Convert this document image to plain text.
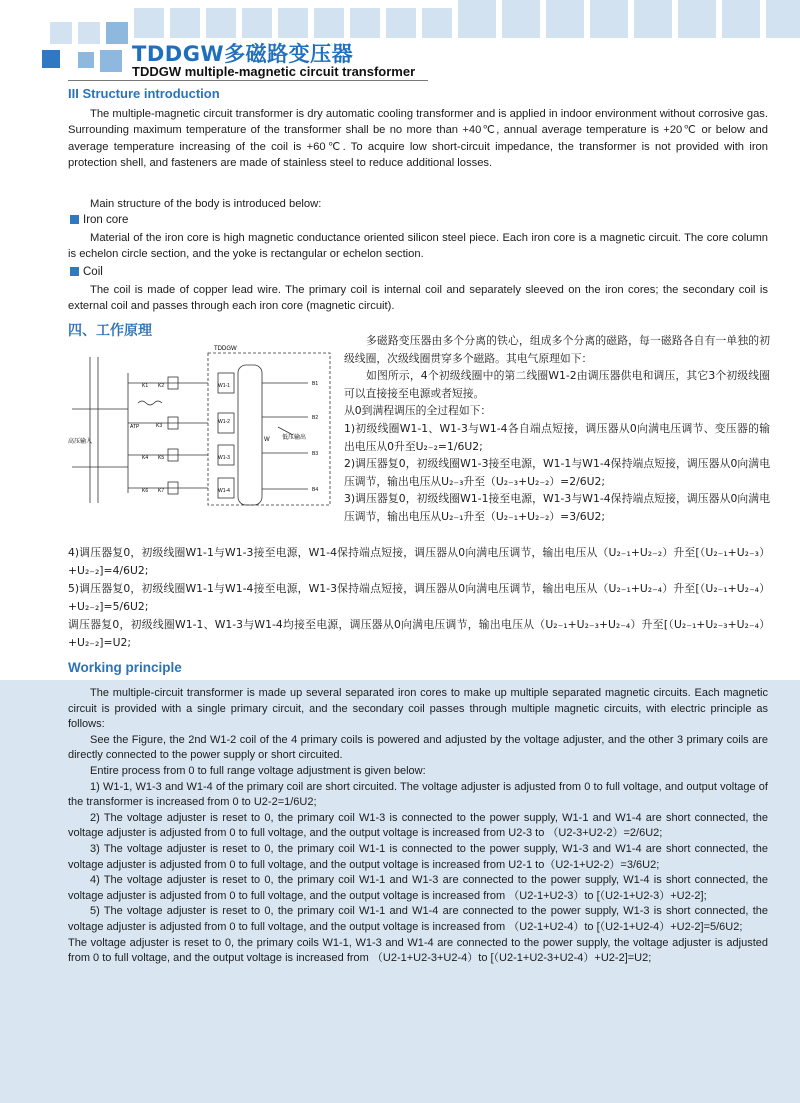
TDDGW多磁路变压器
TDDGW multiple-magnetic circuit transformer
III Structure introduction
The multiple-magnetic circuit transformer is dry automatic cooling transformer and is applied in indoor environment without corrosive gas. Surrounding maximum temperature of the transformer shall be no more than +40℃, annual average temperature is +20℃ or below and average temperature increasing of the coil is +60℃. To acquire low short-circuit impedance, the transformer is not provided with iron protection shell, and fasteners are made of stainless steel to reduce additional losses.
Main structure of the body is introduced below:
Iron core
Material of the iron core is high magnetic conductance oriented silicon steel piece. Each iron core is a magnetic circuit. The core column is echelon circle section, and the yoke is rectangular or echelon section.
Coil
The coil is made of copper lead wire. The primary coil is internal coil and separately sleeved on the iron cores; the secondary coil is external coil and passes through each iron core (magnetic circuit).
四、工作原理
TDDGW
高压输入
低压输出
ATP
K1 K2
K3
K4 K5
K6 K7
W1-1
W1-2
W1-3
W1-4
B1
B2
B3
B4
W
多磁路变压器由多个分离的铁心，组成多个分离的磁路，每一磁路各自有一单独的初级线圈，次级线圈贯穿多个磁路。其电气原理如下：
如图所示，4个初级线圈中的第二线圈W1-2由调压器供电和调压，其它3个初级线圈可以直接接至电源或者短接。
从0到满程调压的全过程如下：
1)初级线圈W1-1、W1-3与W1-4各自端点短接，调压器从0向满电压调节、变压器的输出电压从0升至U₂₋₂=1/6U2;
2)调压器复0，初级线圈W1-3接至电源，W1-1与W1-4保持端点短接，调压器从0向满电压调节，输出电压从U₂₋₃升至（U₂₋₃+U₂₋₂）=2/6U2;
3)调压器复0，初级线圈W1-1接至电源，W1-3与W1-4保持端点短接，调压器从0向满电压调节，输出电压从U₂₋₁升至（U₂₋₁+U₂₋₂）=3/6U2;
4)调压器复0，初级线圈W1-1与W1-3接至电源，W1-4保持端点短接，调压器从0向满电压调节，输出电压从（U₂₋₁+U₂₋₂）升至[（U₂₋₁+U₂₋₃）+U₂₋₂]=4/6U2;
5)调压器复0，初级线圈W1-1与W1-4接至电源，W1-3保持端点短接，调压器从0向满电压调节，输出电压从（U₂₋₁+U₂₋₄）升至[（U₂₋₁+U₂₋₄）+U₂₋₂]=5/6U2;
调压器复0，初级线圈W1-1、W1-3与W1-4均接至电源，调压器从0向满电压调节，输出电压从（U₂₋₁+U₂₋₃+U₂₋₄）升至[（U₂₋₁+U₂₋₃+U₂₋₄）+U₂₋₂]=U2;
Working principle
The multiple-circuit transformer is made up several separated iron cores to make up multiple separated magnetic circuits. Each magnetic circuit is provided with a single primary circuit, and the secondary coil passes through multiple magnetic circuits, with electric principle as follows:
See the Figure, the 2nd W1-2 coil of the 4 primary coils is powered and adjusted by the voltage adjuster, and the other 3 primary coils are directly connected to the power supply or short circuited.
Entire process from 0 to full range voltage adjustment is given below:
1) W1-1, W1-3 and W1-4 of the primary coil are short circuited. The voltage adjuster is adjusted from 0 to full voltage, and output voltage of the transformer is increased from 0 to U2-2=1/6U2;
2) The voltage adjuster is reset to 0, the primary coil W1-3 is connected to the power supply, W1-1 and W1-4 are short connected, the voltage adjuster is adjusted from 0 to full voltage, and the output voltage is increased from U2-3 to （U2-3+U2-2）=2/6U2;
3) The voltage adjuster is reset to 0, the primary coil W1-1 is connected to the power supply, W1-3 and W1-4 are short connected, the voltage adjuster is adjusted from 0 to full voltage, and the output voltage is increased from U2-1 to（U2-1+U2-2）=3/6U2;
4) The voltage adjuster is reset to 0, the primary coil W1-1 and W1-3 are connected to the power supply, W1-4 is short connected, the voltage adjuster is adjusted from 0 to full voltage, and the output voltage is increased from （U2-1+U2-3）to [（U2-1+U2-3）+U2-2];
5) The voltage adjuster is reset to 0, the primary coil W1-1 and W1-4 are connected to the power supply, W1-3 is short connected, the voltage adjuster is adjusted from 0 to full voltage, and the output voltage is increased from （U2-1+U2-4）to [（U2-1+U2-4）+U2-2]=5/6U2;
The voltage adjuster is reset to 0, the primary coils W1-1, W1-3 and W1-4 are connected to the power supply, the voltage adjuster is adjusted from 0 to full voltage, and the output voltage is increased from （U2-1+U2-3+U2-4）to [（U2-1+U2-3+U2-4）+U2-2]=U2;
